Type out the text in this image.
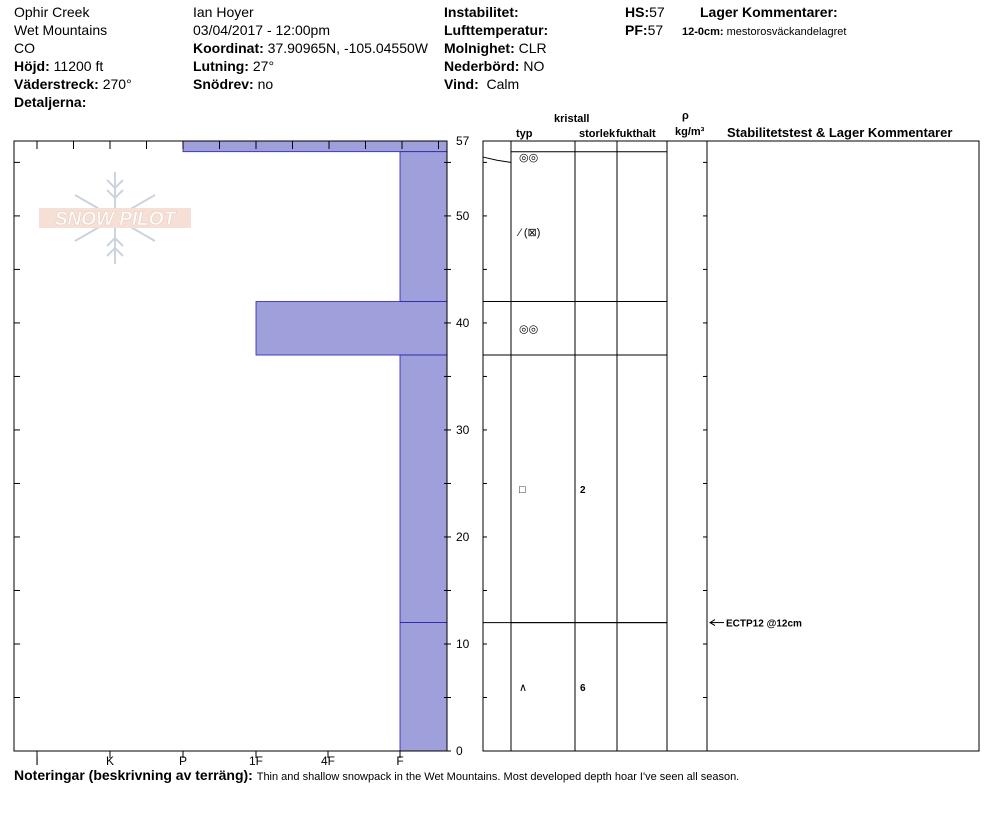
Ophir Creek
Wet Mountains
CO
Höjd: 11200 ft
Väderstreck: 270°
Detaljerna:
Ian Hoyer
03/04/2017 - 12:00pm
Koordinat: 37.90965N, -105.04550W
Lutning: 27°
Snödrev: no
Instabilitet:
Lufttemperatur:
Molnighet: CLR
Nederbörd: NO
Vind: Calm
HS:57
PF:57
Lager Kommentarer:
12-0cm: mestorosväckandelagret
kristall
typ	storlek fukthalt
ρ
kg/m³ Stabilitetstest & Lager Kommentarer
SNOW PILOT
0
10
20
30
40
50
57
I	K	P	1F	4F	F
◎◎
⁄ (⊠)
◎◎
□	2
∧	6
ECTP12 @12cm
Noteringar (beskrivning av terräng): Thin and shallow snowpack in the Wet Mountains. Most developed depth hoar I've seen all season.
